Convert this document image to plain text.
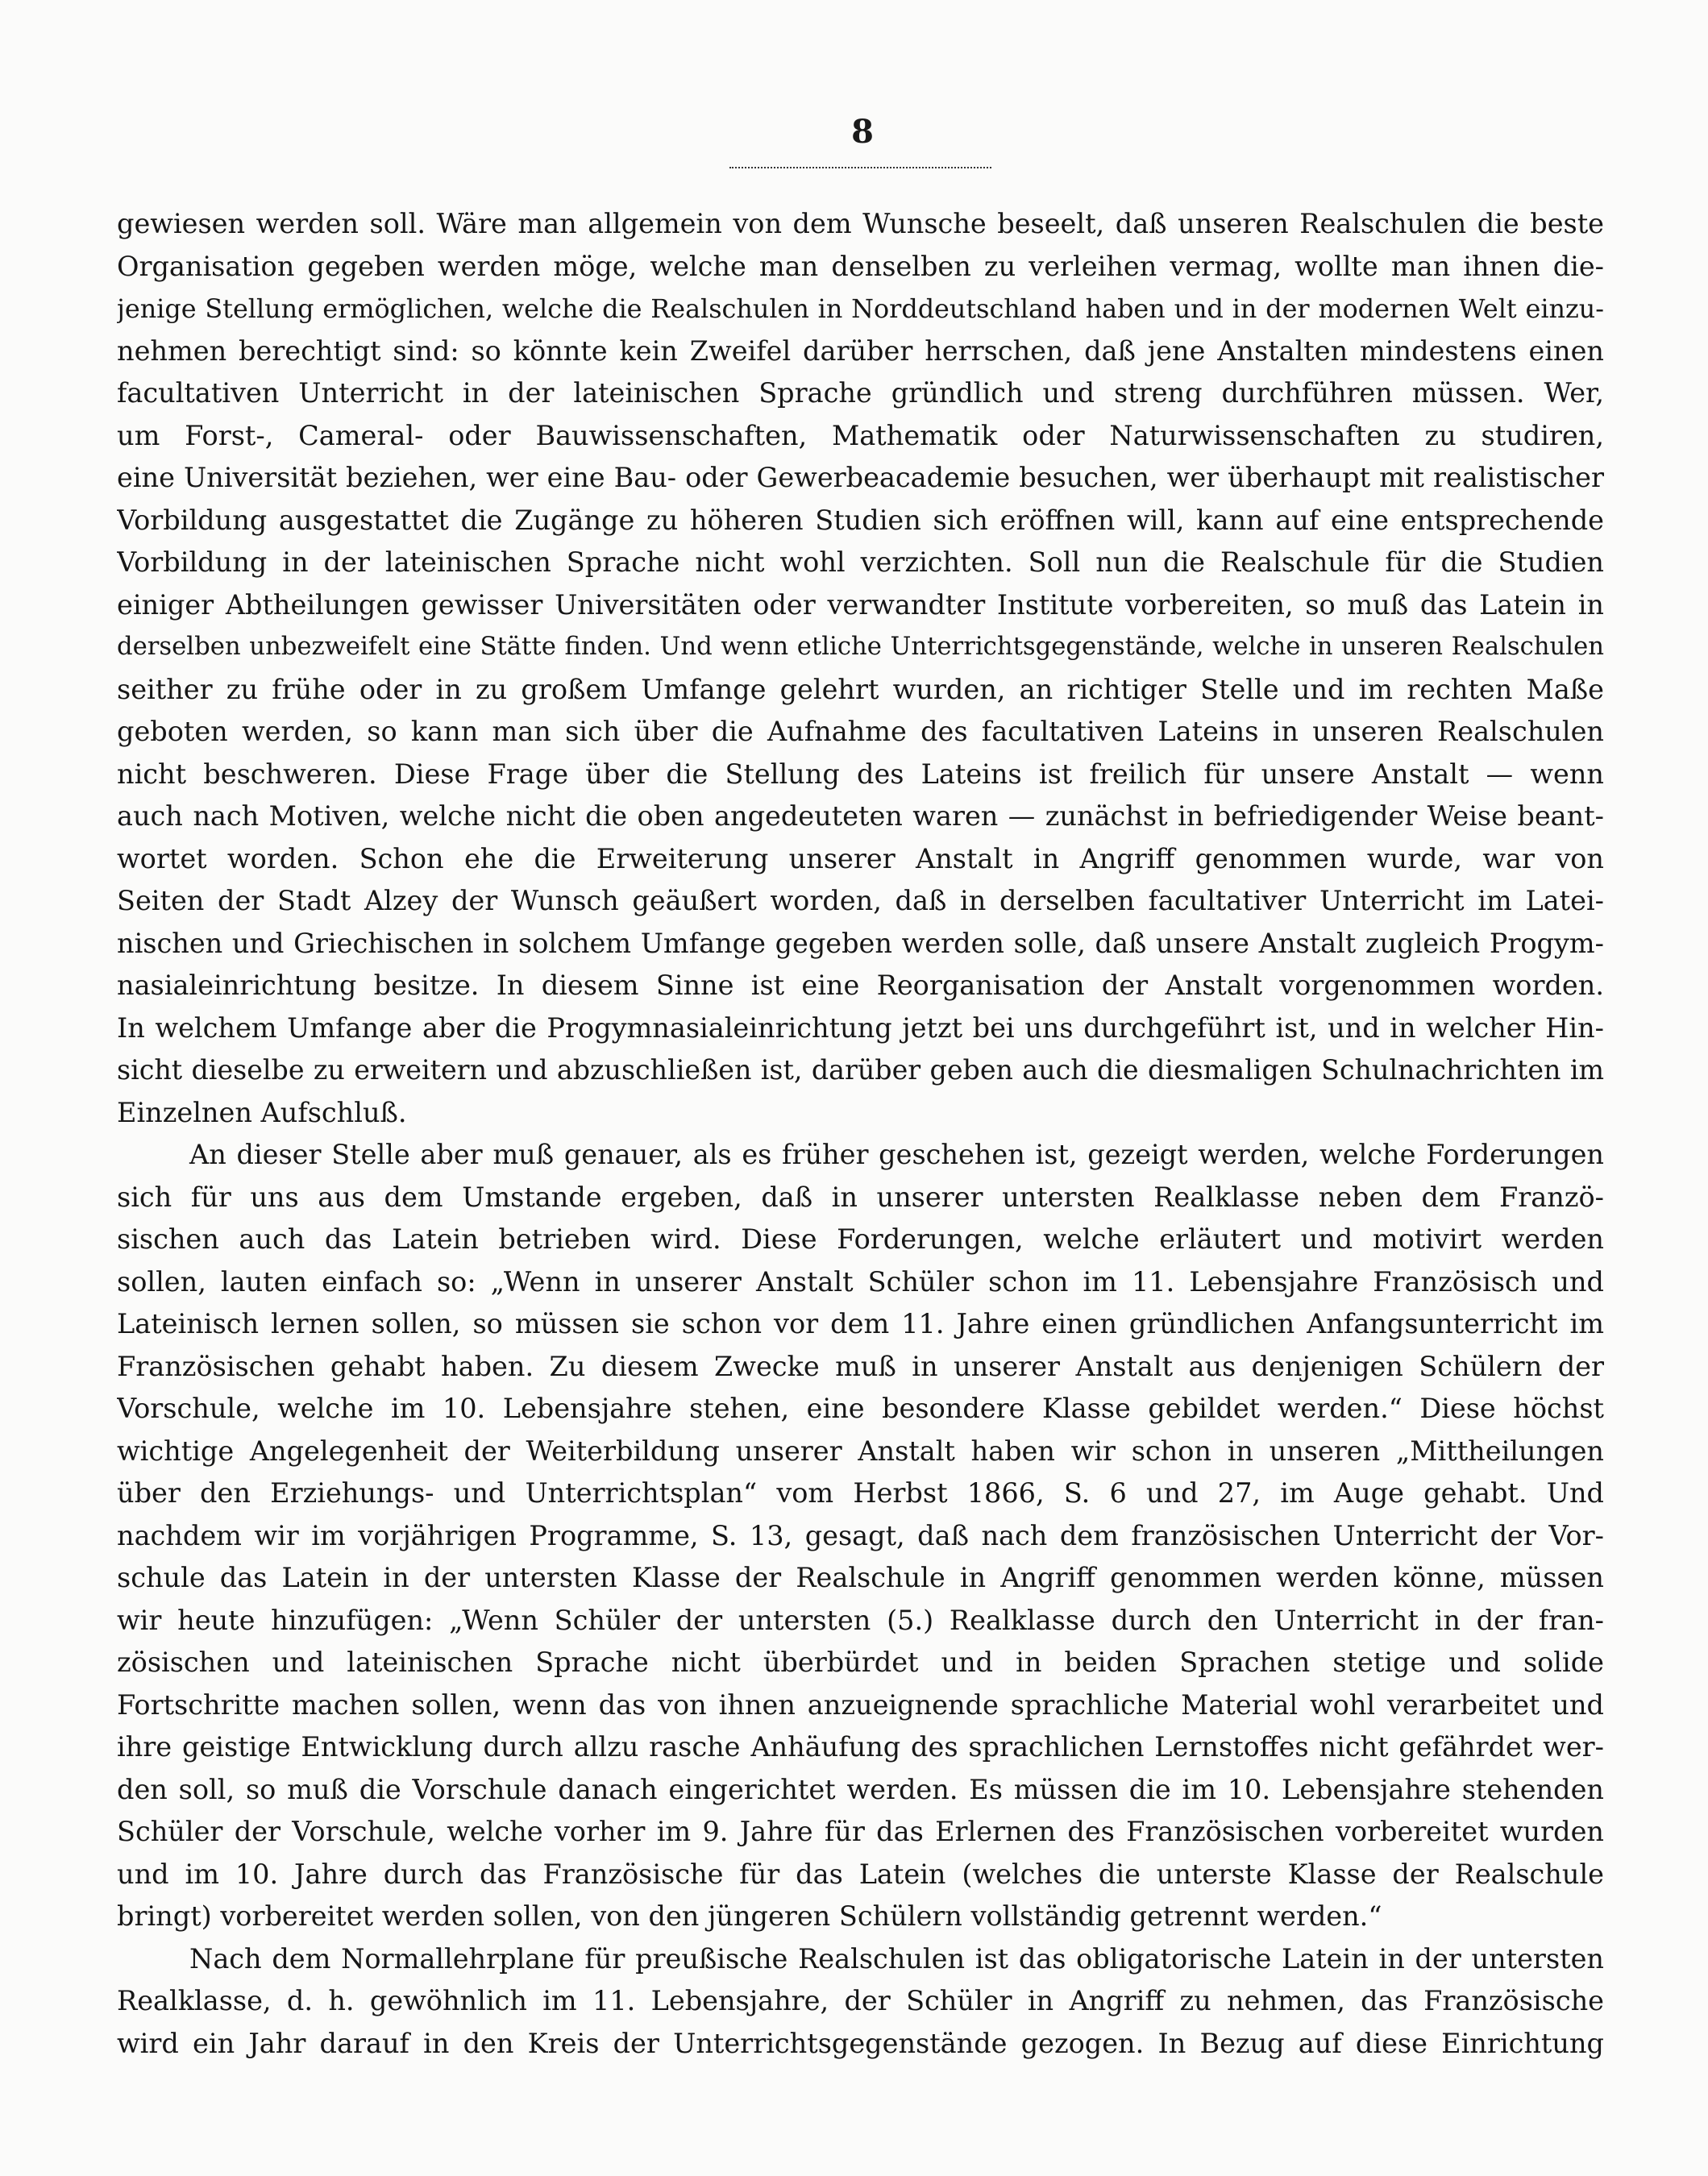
8
gewiesen werden soll. Wäre man allgemein von dem Wunsche beseelt, daß unseren Realschulen die beste
Organisation gegeben werden möge, welche man denselben zu verleihen vermag, wollte man ihnen die-
jenige Stellung ermöglichen, welche die Realschulen in Norddeutschland haben und in der modernen Welt einzu-
nehmen berechtigt sind: so könnte kein Zweifel darüber herrschen, daß jene Anstalten mindestens einen
facultativen Unterricht in der lateinischen Sprache gründlich und streng durchführen müssen. Wer,
um Forst-, Cameral- oder Bauwissenschaften, Mathematik oder Naturwissenschaften zu studiren,
eine Universität beziehen, wer eine Bau- oder Gewerbeacademie besuchen, wer überhaupt mit realistischer
Vorbildung ausgestattet die Zugänge zu höheren Studien sich eröffnen will, kann auf eine entsprechende
Vorbildung in der lateinischen Sprache nicht wohl verzichten. Soll nun die Realschule für die Studien
einiger Abtheilungen gewisser Universitäten oder verwandter Institute vorbereiten, so muß das Latein in
derselben unbezweifelt eine Stätte finden. Und wenn etliche Unterrichtsgegenstände, welche in unseren Realschulen
seither zu frühe oder in zu großem Umfange gelehrt wurden, an richtiger Stelle und im rechten Maße
geboten werden, so kann man sich über die Aufnahme des facultativen Lateins in unseren Realschulen
nicht beschweren. Diese Frage über die Stellung des Lateins ist freilich für unsere Anstalt — wenn
auch nach Motiven, welche nicht die oben angedeuteten waren — zunächst in befriedigender Weise beant-
wortet worden. Schon ehe die Erweiterung unserer Anstalt in Angriff genommen wurde, war von
Seiten der Stadt Alzey der Wunsch geäußert worden, daß in derselben facultativer Unterricht im Latei-
nischen und Griechischen in solchem Umfange gegeben werden solle, daß unsere Anstalt zugleich Progym-
nasialeinrichtung besitze. In diesem Sinne ist eine Reorganisation der Anstalt vorgenommen worden.
In welchem Umfange aber die Progymnasialeinrichtung jetzt bei uns durchgeführt ist, und in welcher Hin-
sicht dieselbe zu erweitern und abzuschließen ist, darüber geben auch die diesmaligen Schulnachrichten im
Einzelnen Aufschluß.
An dieser Stelle aber muß genauer, als es früher geschehen ist, gezeigt werden, welche Forderungen
sich für uns aus dem Umstande ergeben, daß in unserer untersten Realklasse neben dem Franzö-
sischen auch das Latein betrieben wird. Diese Forderungen, welche erläutert und motivirt werden
sollen, lauten einfach so: „Wenn in unserer Anstalt Schüler schon im 11. Lebensjahre Französisch und
Lateinisch lernen sollen, so müssen sie schon vor dem 11. Jahre einen gründlichen Anfangsunterricht im
Französischen gehabt haben. Zu diesem Zwecke muß in unserer Anstalt aus denjenigen Schülern der
Vorschule, welche im 10. Lebensjahre stehen, eine besondere Klasse gebildet werden.“ Diese höchst
wichtige Angelegenheit der Weiterbildung unserer Anstalt haben wir schon in unseren „Mittheilungen
über den Erziehungs- und Unterrichtsplan“ vom Herbst 1866, S. 6 und 27, im Auge gehabt. Und
nachdem wir im vorjährigen Programme, S. 13, gesagt, daß nach dem französischen Unterricht der Vor-
schule das Latein in der untersten Klasse der Realschule in Angriff genommen werden könne, müssen
wir heute hinzufügen: „Wenn Schüler der untersten (5.) Realklasse durch den Unterricht in der fran-
zösischen und lateinischen Sprache nicht überbürdet und in beiden Sprachen stetige und solide
Fortschritte machen sollen, wenn das von ihnen anzueignende sprachliche Material wohl verarbeitet und
ihre geistige Entwicklung durch allzu rasche Anhäufung des sprachlichen Lernstoffes nicht gefährdet wer-
den soll, so muß die Vorschule danach eingerichtet werden. Es müssen die im 10. Lebensjahre stehenden
Schüler der Vorschule, welche vorher im 9. Jahre für das Erlernen des Französischen vorbereitet wurden
und im 10. Jahre durch das Französische für das Latein (welches die unterste Klasse der Realschule
bringt) vorbereitet werden sollen, von den jüngeren Schülern vollständig getrennt werden.“
Nach dem Normallehrplane für preußische Realschulen ist das obligatorische Latein in der untersten
Realklasse, d. h. gewöhnlich im 11. Lebensjahre, der Schüler in Angriff zu nehmen, das Französische
wird ein Jahr darauf in den Kreis der Unterrichtsgegenstände gezogen. In Bezug auf diese Einrichtung
